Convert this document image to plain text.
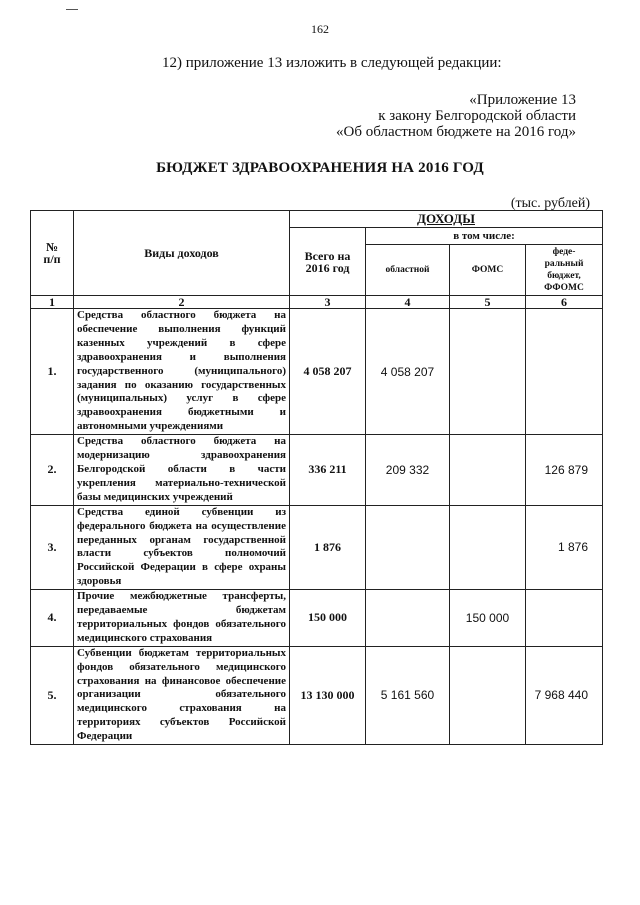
162
12) приложение 13 изложить в следующей редакции:
«Приложение 13
к закону Белгородской области
«Об областном бюджете на 2016 год»
БЮДЖЕТ ЗДРАВООХРАНЕНИЯ НА 2016 ГОД
(тыс. рублей)
№
п/п	Виды доходов	ДОХОДЫ			
		Всего на
2016 год	в том числе:		
			областной	ФОМС	феде-
ральный
бюджет,
ФФОМС
1	2	3	4	5	6
1.	Средства областного бюджета на обеспечение выполнения функций казенных учреждений в сфере здравоохранения и выполнения государственного (муниципального) задания по оказанию государственных (муниципальных) услуг в сфере здравоохранения бюджетными и автономными учреждениями	4 058 207	4 058 207		
2.	Средства областного бюджета на модернизацию здравоохранения Белгородской области в части укрепления материально-технической базы медицинских учреждений	336 211	209 332		126 879
3.	Средства единой субвенции из федерального бюджета на осуществление переданных органам государственной власти субъектов полномочий Российской Федерации в сфере охраны здоровья	1 876			1 876
4.	Прочие межбюджетные трансферты, передаваемые бюджетам территориальных фондов обязательного медицинского страхования	150 000		150 000	
5.	Субвенции бюджетам территориальных фондов обязательного медицинского страхования на финансовое обеспечение организации обязательного медицинского страхования на территориях субъектов Российской Федерации	13 130 000	5 161 560		7 968 440
